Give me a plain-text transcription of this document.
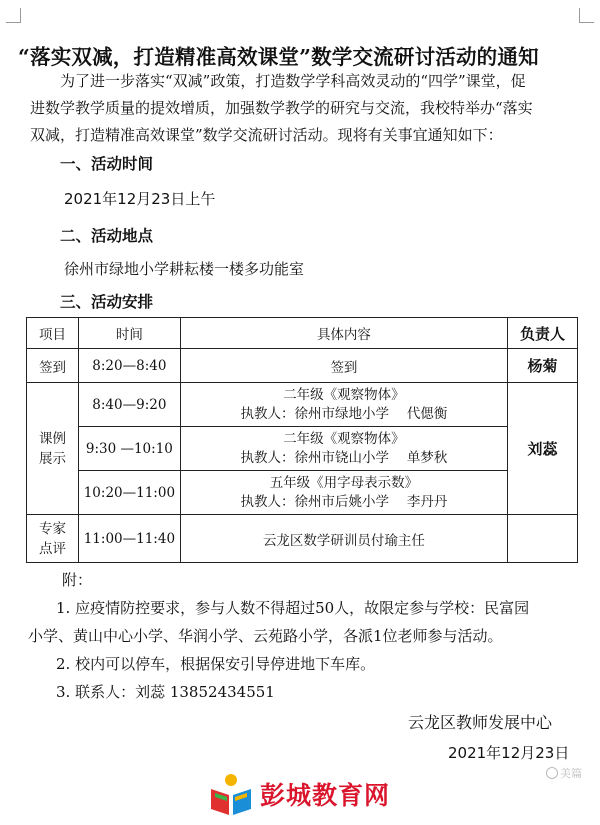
“落实双减，打造精准高效课堂”数学交流研讨活动的通知

为了进一步落实“双减”政策，打造数学学科高效灵动的“四学”课堂，促

进数学教学质量的提效增质，加强数学教学的研究与交流，我校特举办“落实

双减，打造精准高效课堂”数学交流研讨活动。现将有关事宜通知如下：

一、活动时间
2021年12月23日上午
二、活动地点
徐州市绿地小学耕耘楼一楼多功能室
三、活动安排
项目	时间	具体内容	负责人
签到	8:20—8:40	签到	杨菊
课例展示	8:40—9:20	二年级《观察物体》
执教人：徐州市绿地小学　 代偲衡	刘蕊
	9:30 —10:10	二年级《观察物体》
执教人：徐州市铙山小学　 单梦秋	

	10:20—11:00	五年级《用字母表示数》
执教人：徐州市后姚小学　 李丹丹	

专家点评	11:00—11:40	云龙区数学研训员付瑜主任	
附：
1. 应疫情防控要求，参与人数不得超过50人，故限定参与学校：民富园
小学、黄山中心小学、华润小学、云苑路小学，各派1位老师参与活动。
2. 校内可以停车，根据保安引导停进地下车库。
3. 联系人：刘蕊 13852434551
云龙区教师发展中心
2021年12月23日
美篇
彭城教育网
